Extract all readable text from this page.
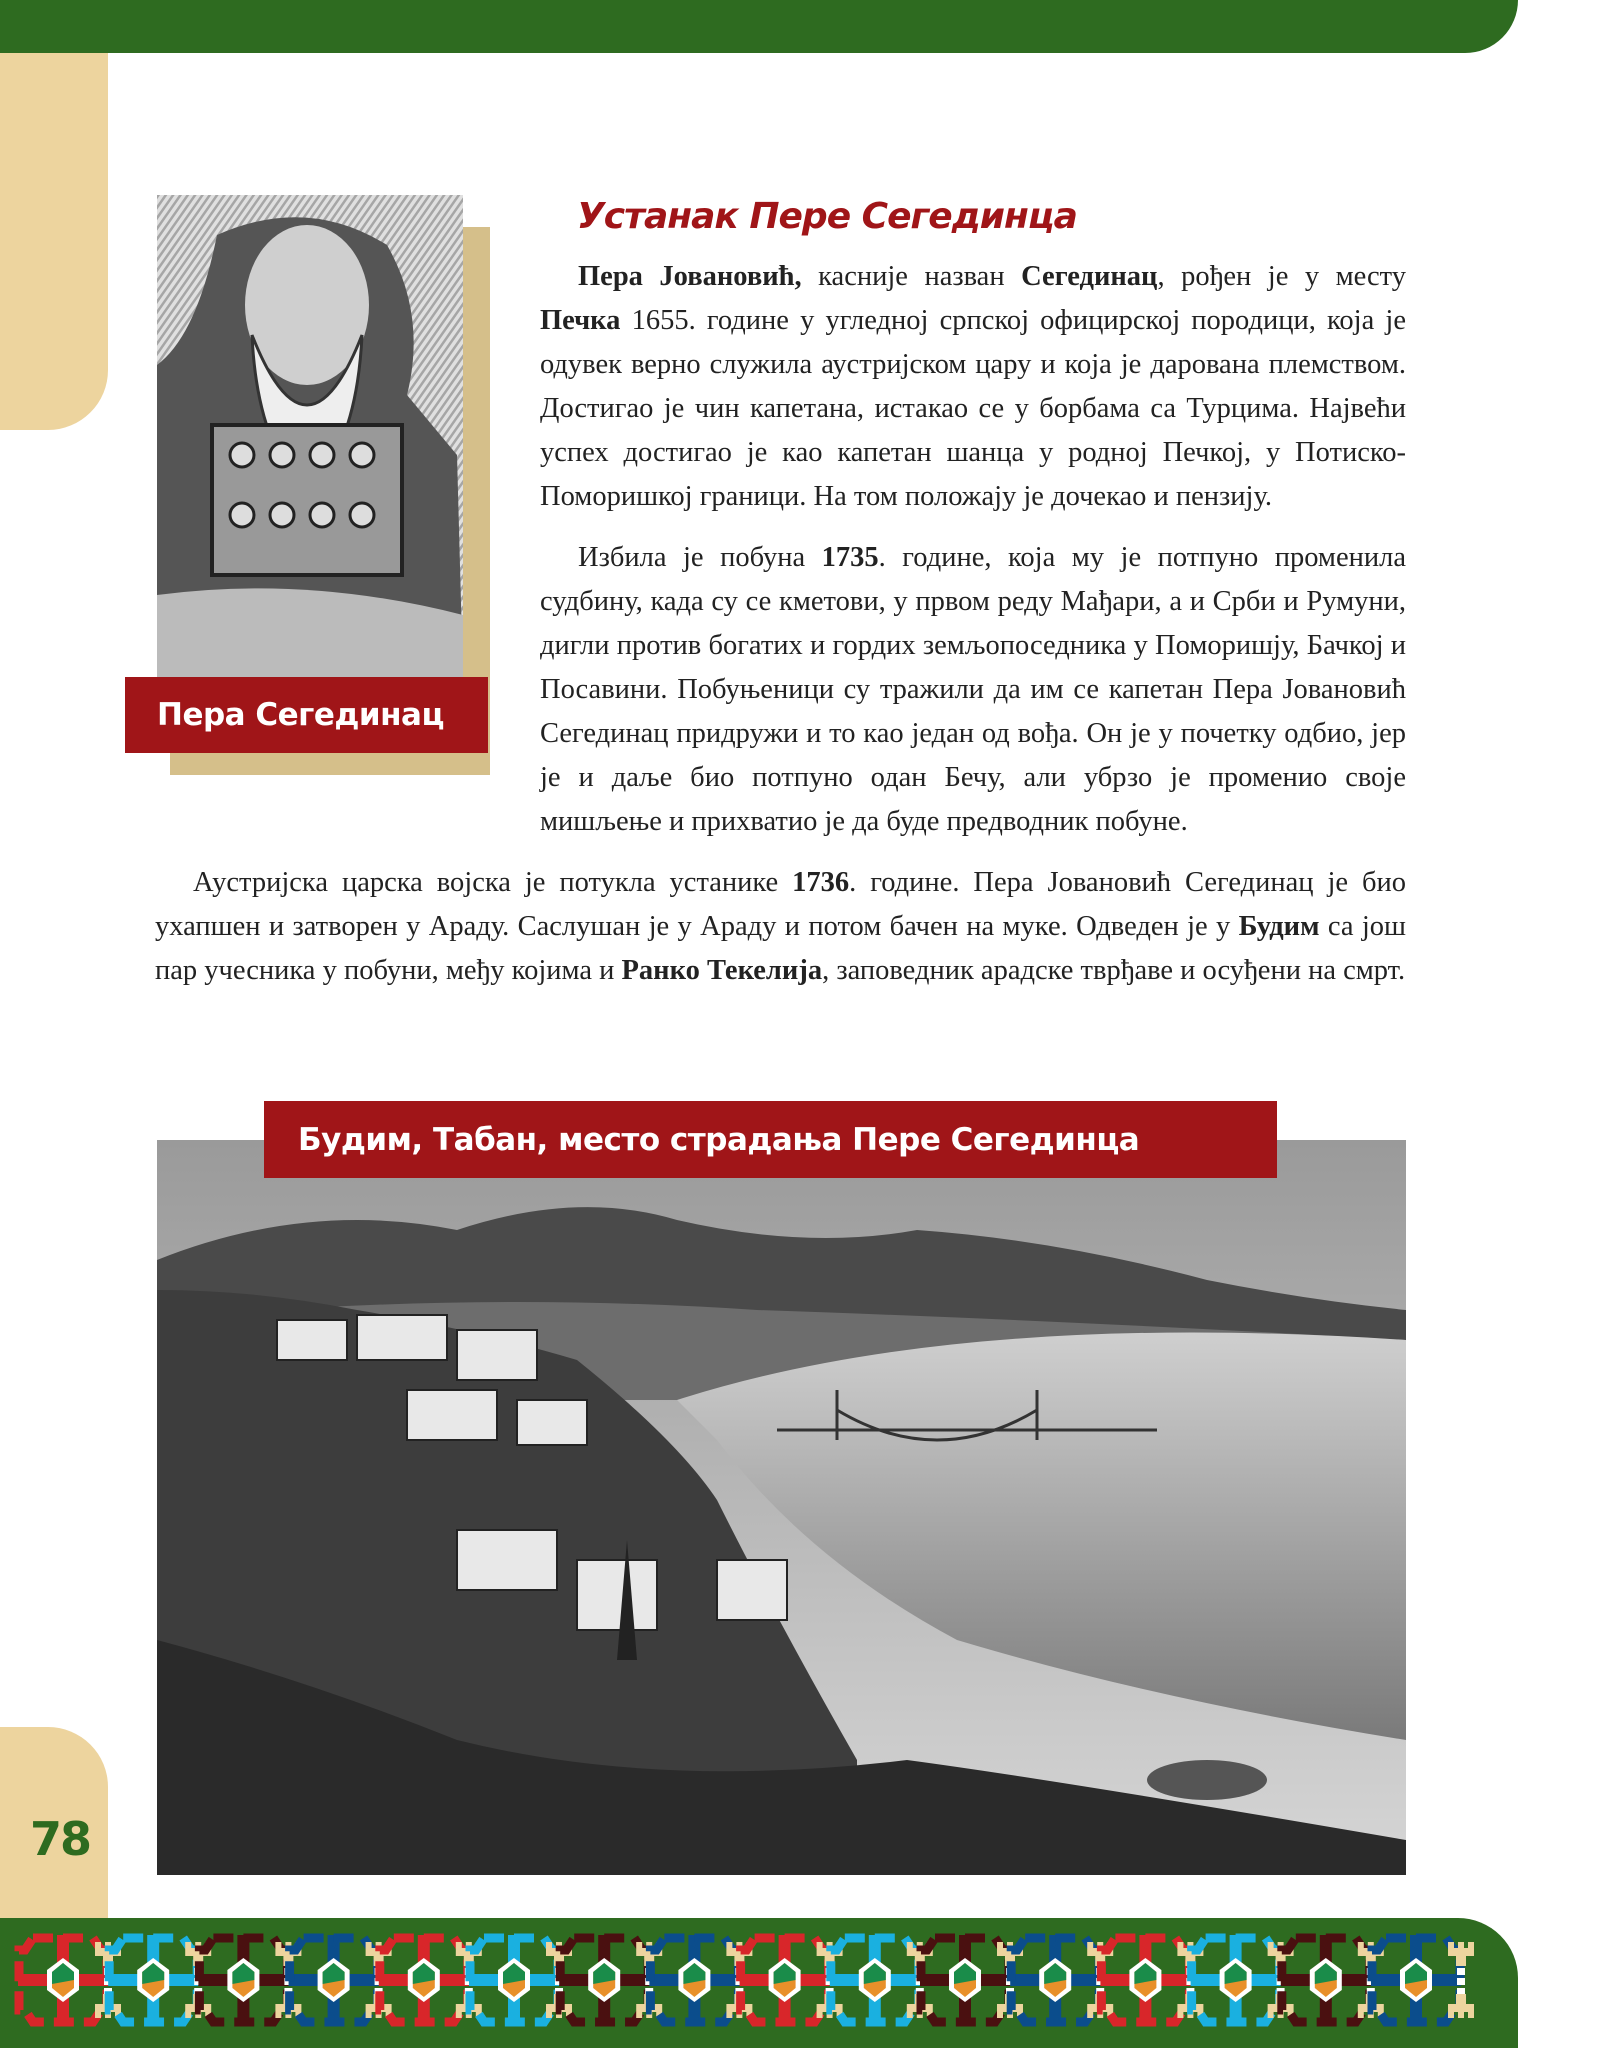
78
Пера Сегединац
Устанак Пере Сегединца

Пера Јовановић, касније назван Сегединац, рођен је у месту Печка 1655. године у угледној српској официрској породици, која је одувек верно служила аустријском цару и која је дарована племством. Достигао је чин капетана, истакао се у борбама са Турцима. Највећи успех достигао је као капетан шанца у родној Печкој, у Потиско-Поморишкој граници. На том положају је дочекао и пензију.

Избила је побуна 1735. године, која му је потпуно променила судбину, када су се кметови, у првом реду Мађари, а и Срби и Румуни, дигли против богатих и гордих земљопоседника у Поморишју, Бачкој и Посавини. Побуњеници су тражили да им се капетан Пера Јовановић Сегединац придружи и то као један од вођа. Он је у почетку одбио, јер је и даље био потпуно одан Бечу, али убрзо је променио своје мишљење и прихватио је да буде предводник побуне.

Аустријска царска војска је потукла устанике 1736. године. Пера Јовановић Сегединац је био ухапшен и затворен у Араду. Саслушан је у Араду и потом бачен на муке. Одведен је у Будим са још пар учесника у побуни, међу којима и Ранко Текелија, заповедник арадске тврђаве и осуђени на смрт.

Будим, Табан, место страдања Пере Сегединца
